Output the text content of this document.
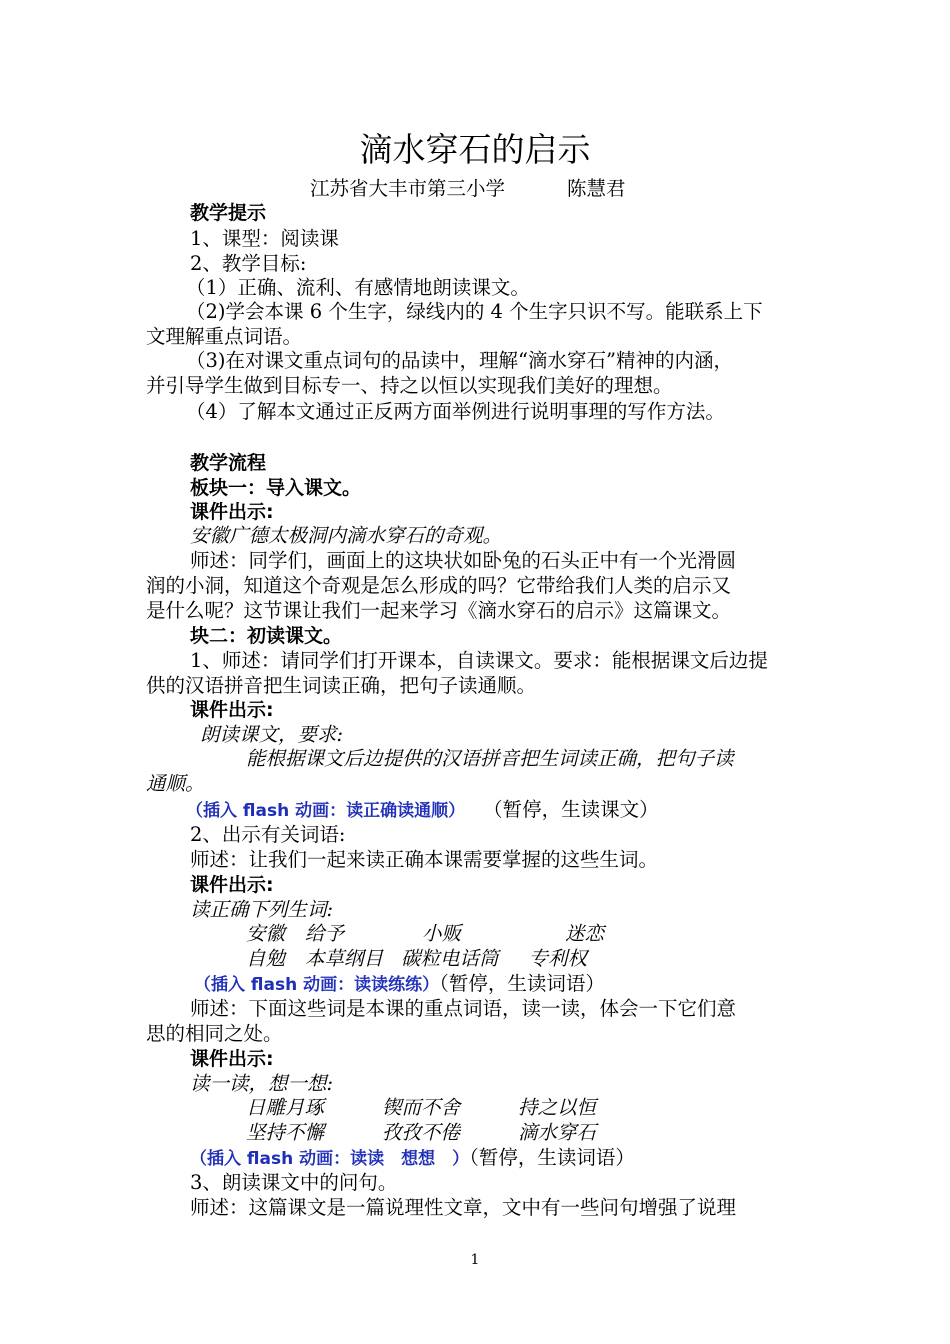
滴水穿石的启示
江苏省大丰市第三小学	陈慧君
教学提示
1、课型：阅读课
2、教学目标:
（1）正确、流利、有感情地朗读课文。
（2)学会本课 6 个生字，绿线内的 4 个生字只识不写。能联系上下
文理解重点词语。
（3)在对课文重点词句的品读中，理解“滴水穿石”精神的内涵，
并引导学生做到目标专一、持之以恒以实现我们美好的理想。
（4）了解本文通过正反两方面举例进行说明事理的写作方法。
教学流程
板块一：导入课文。
课件出示:
安徽广德太极洞内滴水穿石的奇观。
师述：同学们，画面上的这块状如卧兔的石头正中有一个光滑圆
润的小洞，知道这个奇观是怎么形成的吗？它带给我们人类的启示又
是什么呢？这节课让我们一起来学习《滴水穿石的启示》这篇课文。
块二：初读课文。
1、师述：请同学们打开课本，自读课文。要求：能根据课文后边提
供的汉语拼音把生词读正确，把句子读通顺。
课件出示:
朗读课文，要求:
能根据课文后边提供的汉语拼音把生词读正确，把句子读
通顺。
（插入 flash 动画：读正确读通顺） （暂停，生读课文）
2、出示有关词语:
师述：让我们一起来读正确本课需要掌握的这些生词。
课件出示:
读正确下列生词:
安徽 给予	小贩	迷恋
自勉 本草纲目 碳粒电话筒 专利权
（插入 flash 动画：读读练练）（暂停，生读词语）
师述：下面这些词是本课的重点词语，读一读，体会一下它们意
思的相同之处。
课件出示:
读一读，想一想:
日雕月琢	锲而不舍	持之以恒
坚持不懈	孜孜不倦	滴水穿石
（插入 flash 动画：读读　想想　）（暂停，生读词语）
3、朗读课文中的问句。
师述：这篇课文是一篇说理性文章，文中有一些问句增强了说理
1
